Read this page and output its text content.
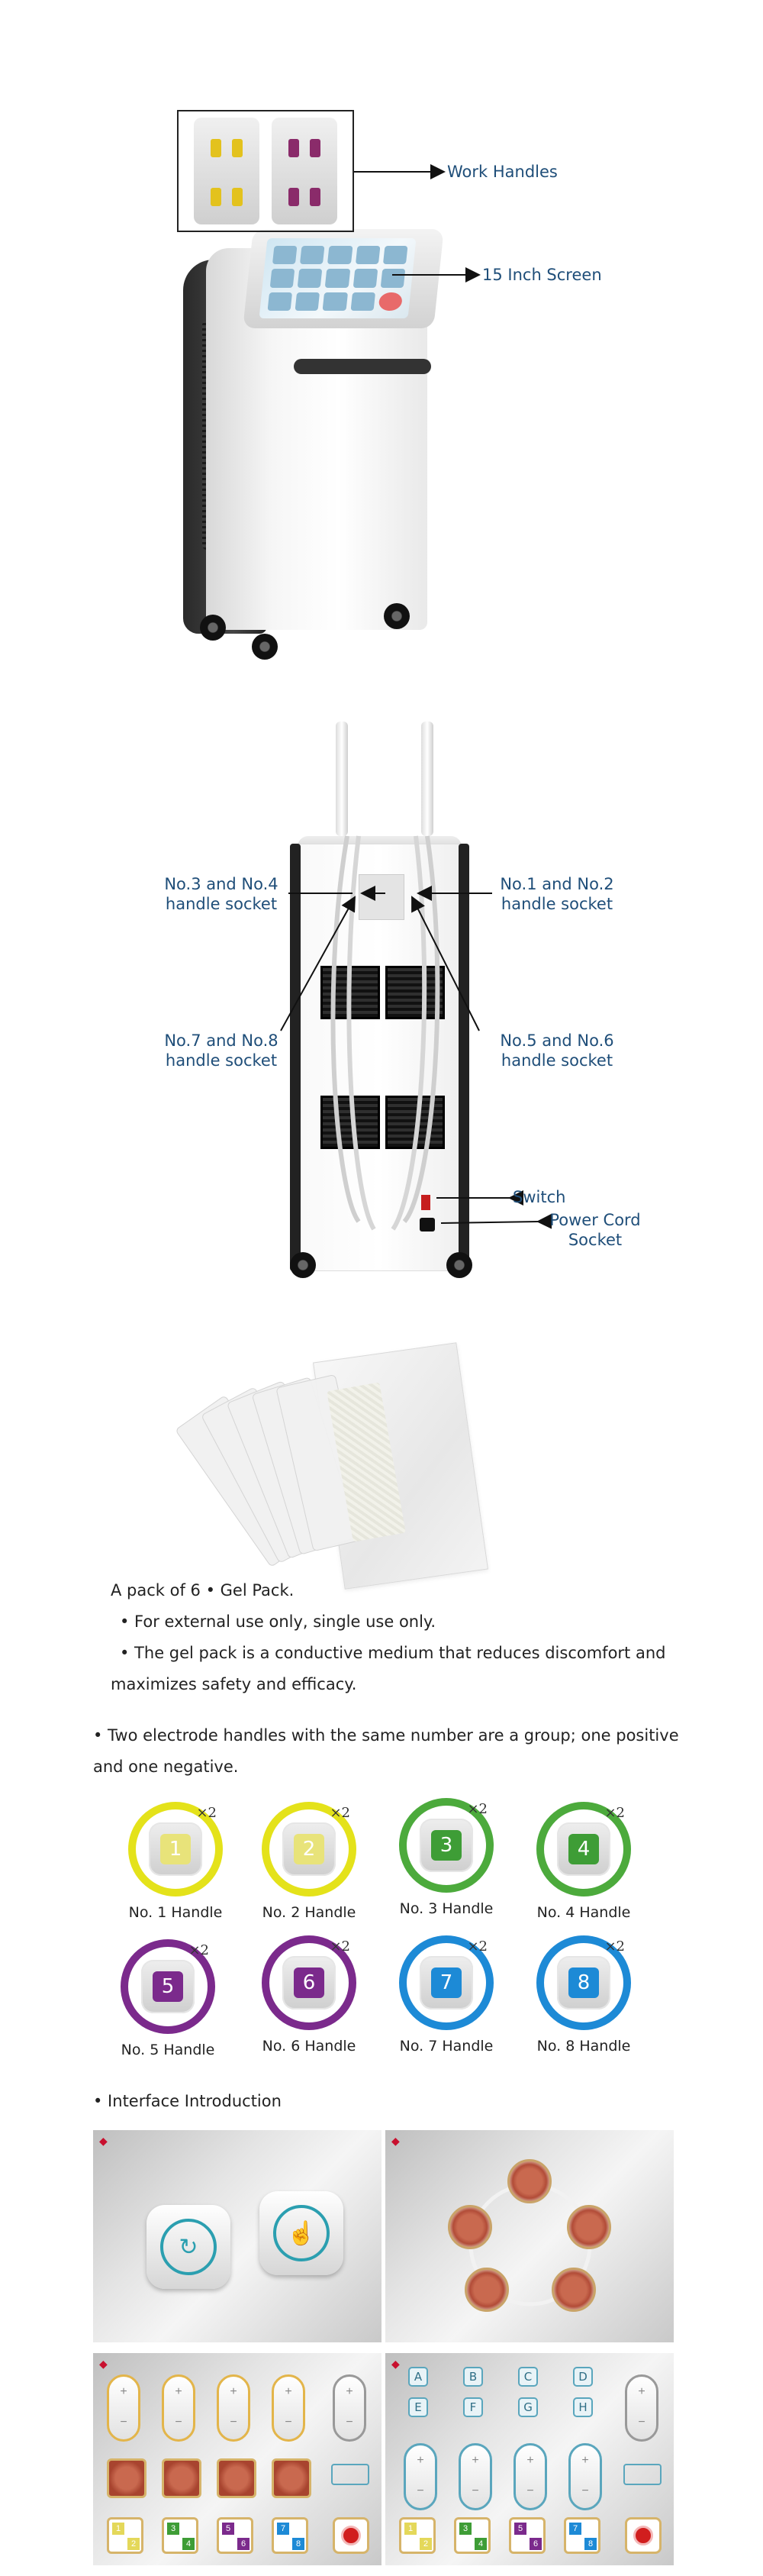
Work Handles
15 Inch Screen
No.3 and No.4
handle socket
No.1 and No.2
handle socket
No.7 and No.8
handle socket
No.5 and No.6
handle socket
Switch
Power Cord
Socket
A pack of 6 • Gel Pack.
• For external use only, single use only.
• The gel pack is a conductive medium that reduces discomfort and
maximizes safety and efficacy.
• Two electrode handles with the same number are a group; one positive
and one negative.
1
×2
No. 1 Handle
2
×2
No. 2 Handle
3
×2
No. 3 Handle
4
×2
No. 4 Handle
5
×2
No. 5 Handle
6
×2
No. 6 Handle
7
×2
No. 7 Handle
8
×2
No. 8 Handle
• Interface Introduction
◆
↻
☝
◆
◆
+
−
+
−
+
−
+
−
+
−
1
2
3
4
5
6
7
8
◆
A	B	C	D
E	F	G	H
+
−
+
−
+
−
+
−
+
−
1
2
3
4
5
6
7
8
